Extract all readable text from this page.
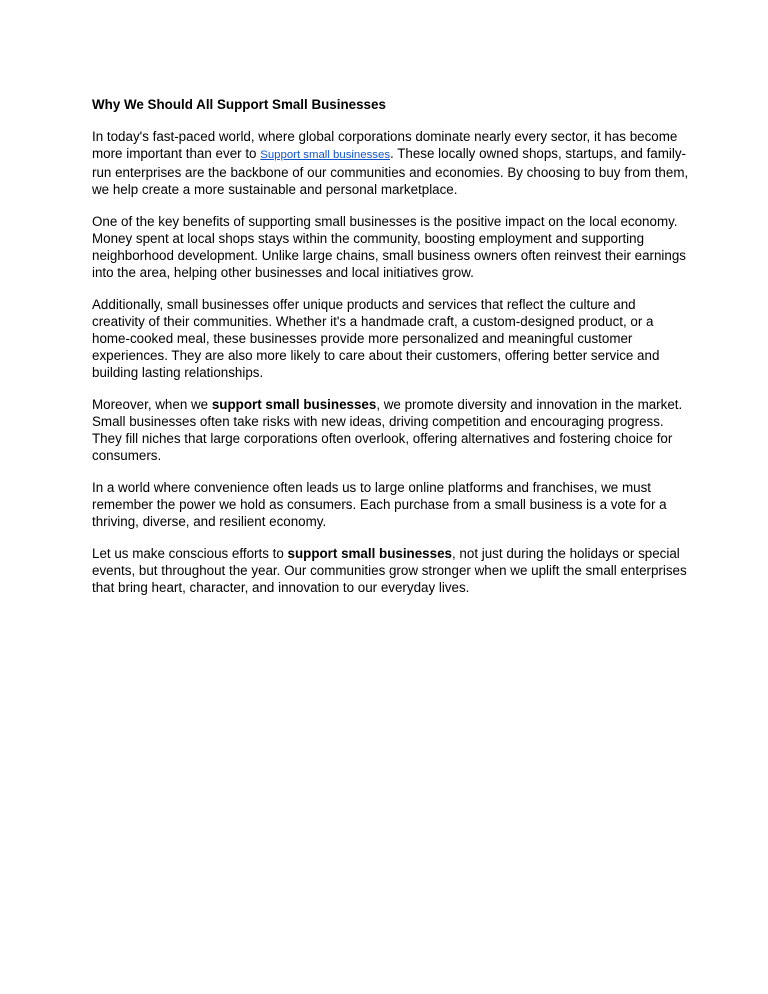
Why We Should All Support Small Businesses

In today's fast-paced world, where global corporations dominate nearly every sector, it has become more important than ever to Support small businesses. These locally owned shops, startups, and family-run enterprises are the backbone of our communities and economies. By choosing to buy from them, we help create a more sustainable and personal marketplace.

One of the key benefits of supporting small businesses is the positive impact on the local economy. Money spent at local shops stays within the community, boosting employment and supporting neighborhood development. Unlike large chains, small business owners often reinvest their earnings into the area, helping other businesses and local initiatives grow.

Additionally, small businesses offer unique products and services that reflect the culture and creativity of their communities. Whether it's a handmade craft, a custom-designed product, or a home-cooked meal, these businesses provide more personalized and meaningful customer experiences. They are also more likely to care about their customers, offering better service and building lasting relationships.

Moreover, when we support small businesses, we promote diversity and innovation in the market. Small businesses often take risks with new ideas, driving competition and encouraging progress. They fill niches that large corporations often overlook, offering alternatives and fostering choice for consumers.

In a world where convenience often leads us to large online platforms and franchises, we must remember the power we hold as consumers. Each purchase from a small business is a vote for a thriving, diverse, and resilient economy.

Let us make conscious efforts to support small businesses, not just during the holidays or special events, but throughout the year. Our communities grow stronger when we uplift the small enterprises that bring heart, character, and innovation to our everyday lives.
